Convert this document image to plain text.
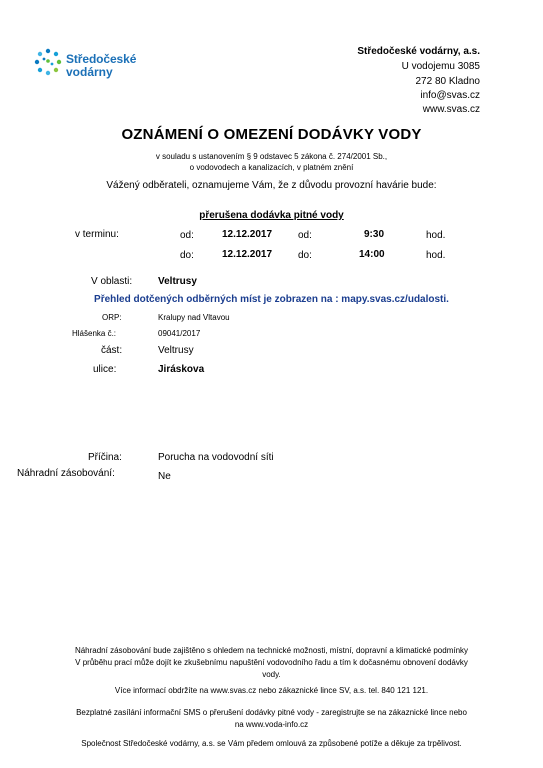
Středočeské
vodárny
Středočeské vodárny, a.s.
U vodojemu 3085
272 80 Kladno
info@svas.cz
www.svas.cz
OZNÁMENÍ O OMEZENÍ DODÁVKY VODY
v souladu s ustanovením § 9 odstavec 5 zákona č. 274/2001 Sb.,
o vodovodech a kanalizacích, v platném znění
Vážený odběrateli, oznamujeme Vám, že z důvodu provozní havárie bude:
přerušena dodávka pitné vody
v terminu:	od:	12.12.2017	od:	9:30	hod.
do:	12.12.2017	do:	14:00	hod.
V oblasti:	Veltrusy
Přehled dotčených odběrných míst je zobrazen na : mapy.svas.cz/udalosti.
ORP:	Kralupy nad Vltavou
Hlášenka č.:	09041/2017
část:	Veltrusy
ulice:	Jiráskova
Příčina:	Porucha na vodovodní síti
Náhradní zásobování:	Ne
Náhradní zásobování bude zajištěno s ohledem na technické možnosti, místní, dopravní a klimatické podmínky
V průběhu prací může dojít ke zkušebnímu napuštění vodovodního řadu a tím k dočasnému obnovení dodávky
vody.
Více informací obdržíte na www.svas.cz nebo zákaznické lince SV, a.s. tel. 840 121 121.
Bezplatné zasílání informační SMS o přerušení dodávky pitné vody - zaregistrujte se na zákaznické lince nebo
na www.voda-info.cz
Společnost Středočeské vodárny, a.s. se Vám předem omlouvá za způsobené potíže a děkuje za trpělivost.
